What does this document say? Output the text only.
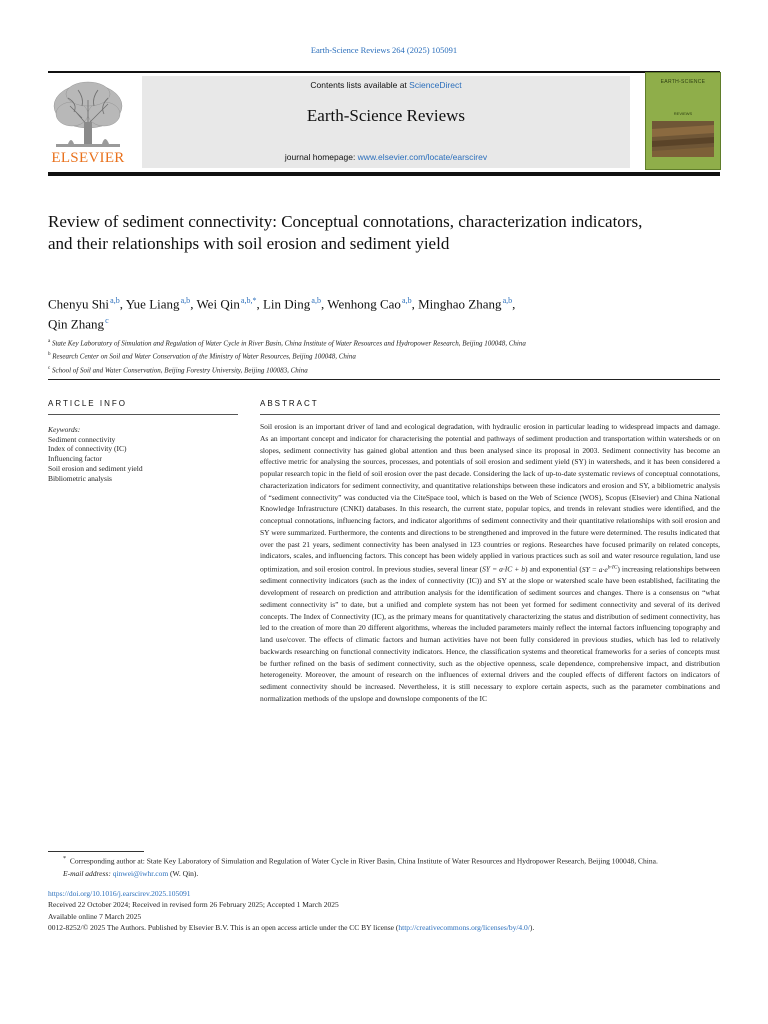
Earth-Science Reviews 264 (2025) 105091
ELSEVIER
Contents lists available at ScienceDirect
Earth-Science Reviews
journal homepage: www.elsevier.com/locate/earscirev
EARTH-SCIENCE
REVIEWS
Review of sediment connectivity: Conceptual connotations, characterization indicators, and their relationships with soil erosion and sediment yield
Chenyu Shi $^{a,b}$, Yue Liang $^{a,b}$, Wei Qin $^{a,b,*}$, Lin Ding $^{a,b}$, Wenhong Cao $^{a,b}$, Minghao Zhang $^{a,b}$,
Qin Zhang $^c$
$^a$ State Key Laboratory of Simulation and Regulation of Water Cycle in River Basin, China Institute of Water Resources and Hydropower Research, Beijing 100048, China
$^b$ Research Center on Soil and Water Conservation of the Ministry of Water Resources, Beijing 100048, China
$^c$ School of Soil and Water Conservation, Beijing Forestry University, Beijing 100083, China
ARTICLE INFO
Keywords:
Sediment connectivity
Index of connectivity (IC)
Influencing factor
Soil erosion and sediment yield
Bibliometric analysis
ABSTRACT

Soil erosion is an important driver of land and ecological degradation, with hydraulic erosion in particular leading to widespread impacts and damage. As an important concept and indicator for characterising the potential and pathways of sediment production and transportation within watersheds or on slopes, sediment connectivity has gained global attention and thus been analysed since its proposal in 2003. Sediment connectivity has become an effective metric for analysing the sources, processes, and potentials of soil erosion and sediment yield (SY) in watersheds, and it has been considered a popular research topic in the field of soil erosion over the past decade. Considering the lack of up-to-date systematic reviews of conceptual connotations, characterization indicators for sediment connectivity, and quantitative relationships between these indicators and erosion and SY, a bibliometric analysis of “sediment connectivity” was conducted via the CiteSpace tool, which is based on the Web of Science (WOS), Scopus (Elsevier) and China National Knowledge Infrastructure (CNKI) databases. In this research, the current state, popular topics, and trends in relevant studies were identified, and the conceptual connotations, influencing factors, and indicator algorithms of sediment connectivity and their quantitative relationships with soil erosion and SY were summarized. Furthermore, the contents and directions to be strengthened and improved in the future were determined. The results indicated that over the past 21 years, sediment connectivity has been analysed in 123 countries or regions. Researches have focused primarily on related concepts, indicators, scales, and influencing factors. This concept has been widely applied in various practices such as soil and water resource regulation, land use optimization, and soil erosion control. In previous studies, several linear (SY = a·IC + b) and exponential $(SY = a\cdot e^{b\cdot IC})$ increasing relationships between sediment connectivity indicators (such as the index of connectivity (IC)) and SY at the slope or watershed scale have been established, facilitating the development of research on prediction and attribution analysis for the identification of sediment sources and changes. There is a consensus on “what sediment connectivity is” to date, but a unified and complete system has not been yet formed for sediment connectivity and several of its derived concepts. The Index of Connectivity (IC), as the primary means for quantitatively characterizing the status and distribution of sediment connectivity, has led to the creation of more than 20 different algorithms, whereas the included parameters mainly reflect the internal factors influencing topography and land use/cover. The effects of climatic factors and human activities have not been fully considered in previous studies, which has led to relatively backwards researching on functional connectivity indicators. Hence, the classification systems and theoretical frameworks for a series of concepts must be further refined on the basis of sediment connectivity, such as the objective openness, scale dependence, comprehensive impact, and distribution heterogeneity. Moreover, the amount of research on the influences of external drivers and the coupled effects of different factors on indicators of sediment connectivity should be increased. Nevertheless, it is still necessary to explore certain aspects, such as the parameter combinations and normalization methods of the upslope and downslope components of the IC

* Corresponding author at: State Key Laboratory of Simulation and Regulation of Water Cycle in River Basin, China Institute of Water Resources and Hydropower Research, Beijing 100048, China.

E-mail address: qinwei@iwhr.com (W. Qin).

https://doi.org/10.1016/j.earscirev.2025.105091

Received 22 October 2024; Received in revised form 26 February 2025; Accepted 1 March 2025

Available online 7 March 2025

0012-8252/© 2025 The Authors. Published by Elsevier B.V. This is an open access article under the CC BY license (http://creativecommons.org/licenses/by/4.0/).
